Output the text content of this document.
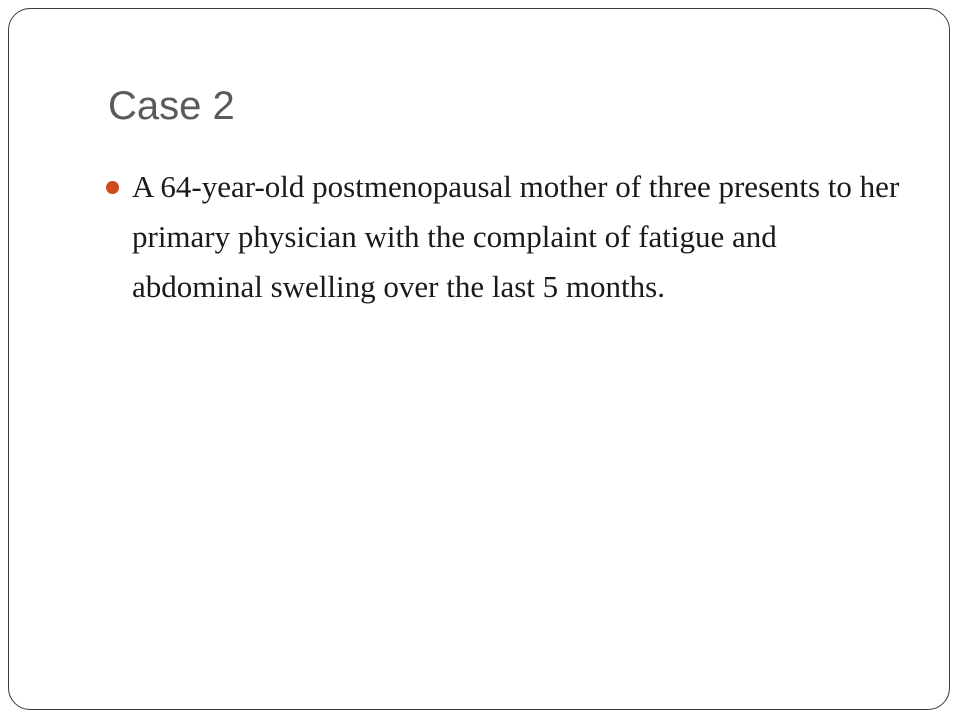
Case 2
A 64-year-old postmenopausal mother of three presents to her primary physician with the complaint of fatigue and abdominal swelling over the last 5 months.
